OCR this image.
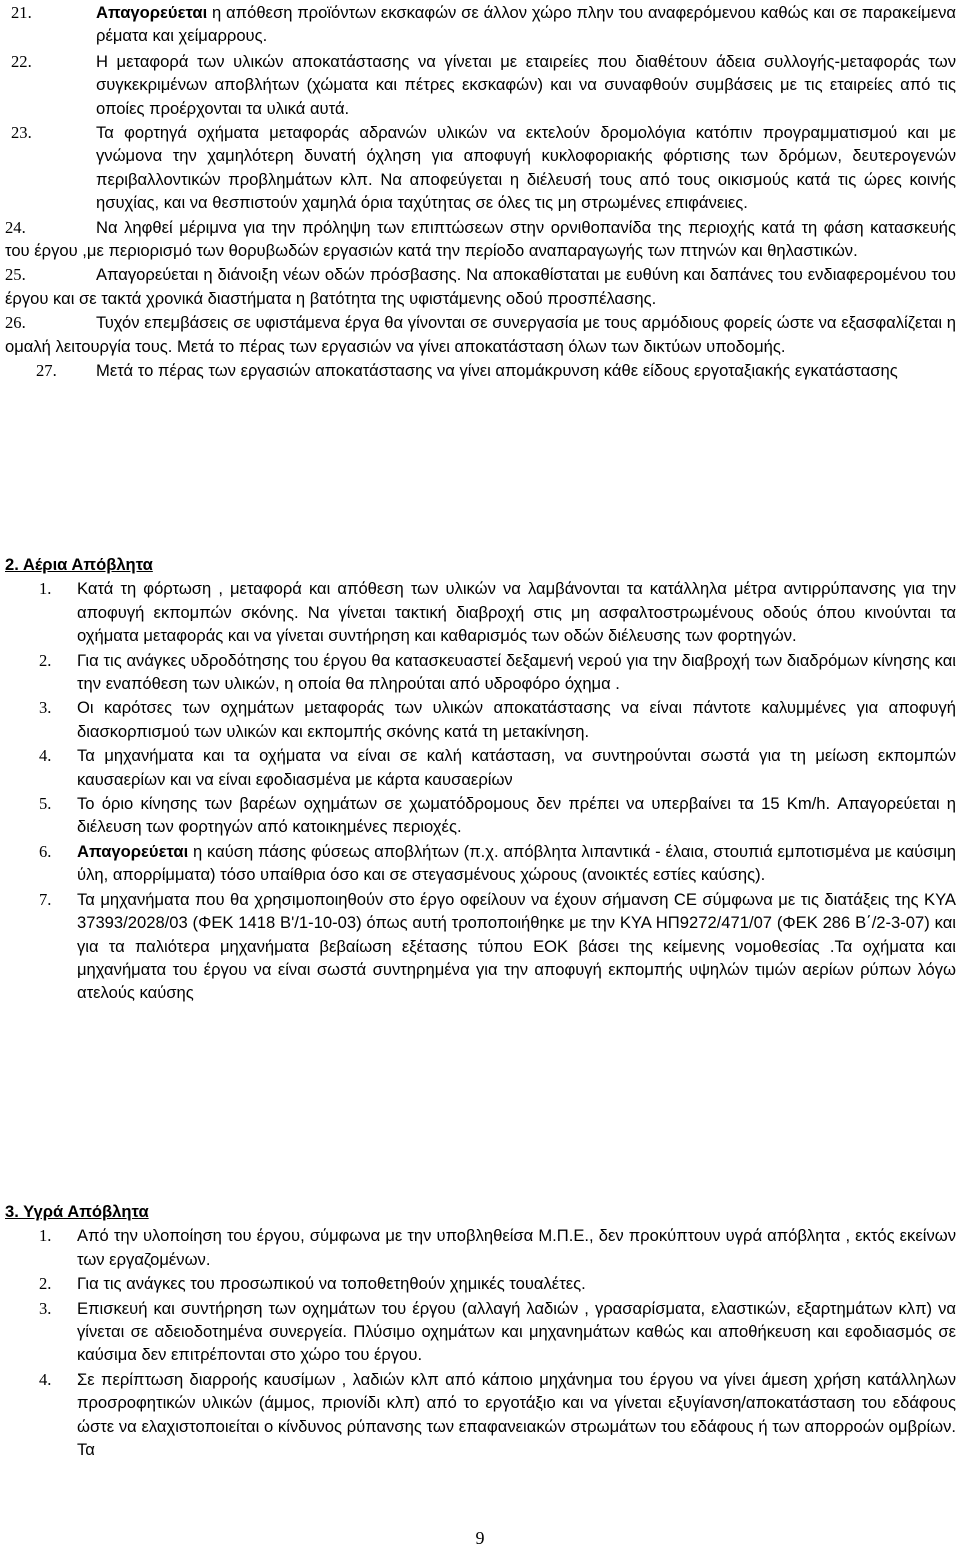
21.	Απαγορεύεται η απόθεση προϊόντων εκσκαφών σε άλλον χώρο πλην του αναφερόμενου καθώς και σε παρακείμενα ρέματα και χείμαρρους.
22.	Η μεταφορά των υλικών αποκατάστασης να γίνεται με εταιρείες που διαθέτουν άδεια συλλογής-μεταφοράς των συγκεκριμένων αποβλήτων (χώματα και πέτρες εκσκαφών) και να συναφθούν συμβάσεις με τις εταιρείες από τις οποίες προέρχονται τα υλικά αυτά.
23.	Τα φορτηγά οχήματα μεταφοράς αδρανών υλικών να εκτελούν δρομολόγια κατόπιν προγραμματισμού και με γνώμονα την χαμηλότερη δυνατή όχληση για αποφυγή κυκλοφοριακής φόρτισης των δρόμων, δευτερογενών περιβαλλοντικών προβλημάτων κλπ. Να αποφεύγεται η διέλευσή τους από τους οικισμούς κατά τις ώρες κοινής ησυχίας, και να θεσπιστούν χαμηλά όρια ταχύτητας σε όλες τις μη στρωμένες επιφάνειες.
24.	Να ληφθεί μέριμνα για την πρόληψη των επιπτώσεων στην ορνιθοπανίδα της περιοχής κατά τη φάση κατασκευής του έργου ,με περιορισμό των θορυβωδών εργασιών κατά την περίοδο αναπαραγωγής των πτηνών και θηλαστικών.
25.	Απαγορεύεται η διάνοιξη νέων οδών πρόσβασης. Να αποκαθίσταται με ευθύνη και δαπάνες του ενδιαφερομένου του έργου και σε τακτά χρονικά διαστήματα η βατότητα της υφιστάμενης οδού προσπέλασης.
26.	Τυχόν επεμβάσεις σε υφιστάμενα έργα θα γίνονται σε συνεργασία με τους αρμόδιους φορείς ώστε να εξασφαλίζεται η ομαλή λειτουργία τους. Μετά το πέρας των εργασιών να γίνει αποκατάσταση όλων των δικτύων υποδομής.
27. Μετά το πέρας των εργασιών αποκατάστασης να γίνει απομάκρυνση κάθε είδους εργοταξιακής εγκατάστασης
2. Αέρια Απόβλητα
1. Κατά τη φόρτωση , μεταφορά και απόθεση των υλικών να λαμβάνονται τα κατάλληλα μέτρα αντιρρύπανσης για την αποφυγή εκπομπών σκόνης. Να γίνεται τακτική διαβροχή στις μη ασφαλτοστρωμένους οδούς όπου κινούνται τα οχήματα μεταφοράς και να γίνεται συντήρηση και καθαρισμός των οδών διέλευσης των φορτηγών.
2. Για τις ανάγκες υδροδότησης του έργου θα κατασκευαστεί δεξαμενή νερού για την διαβροχή των διαδρόμων κίνησης και την εναπόθεση των υλικών, η οποία θα πληρούται από υδροφόρο όχημα .
3. Οι καρότσες των οχημάτων μεταφοράς των υλικών αποκατάστασης να είναι πάντοτε καλυμμένες για αποφυγή διασκορπισμού των υλικών και εκπομπής σκόνης κατά τη μετακίνηση.
4. Τα μηχανήματα και τα οχήματα να είναι σε καλή κατάσταση, να συντηρούνται σωστά για τη μείωση εκπομπών καυσαερίων και να είναι εφοδιασμένα με κάρτα καυσαερίων
5. Το όριο κίνησης των βαρέων οχημάτων σε χωματόδρομους δεν πρέπει να υπερβαίνει τα 15 Km/h. Απαγορεύεται η διέλευση των φορτηγών από κατοικημένες περιοχές.
6. Απαγορεύεται η καύση πάσης φύσεως αποβλήτων (π.χ. απόβλητα λιπαντικά - έλαια, στουπιά εμποτισμένα με καύσιμη ύλη, απορρίμματα) τόσο υπαίθρια όσο και σε στεγασμένους χώρους (ανοικτές εστίες καύσης).
7. Τα μηχανήματα που θα χρησιμοποιηθούν στο έργο οφείλουν να έχουν σήμανση CE σύμφωνα με τις διατάξεις της ΚΥΑ 37393/2028/03 (ΦΕΚ 1418 Β'/1-10-03) όπως αυτή τροποποιήθηκε με την ΚΥΑ ΗΠ9272/471/07 (ΦΕΚ 286 Β΄/2-3-07) και για τα παλιότερα μηχανήματα βεβαίωση εξέτασης τύπου ΕΟΚ βάσει της κείμενης νομοθεσίας .Τα οχήματα και μηχανήματα του έργου να είναι σωστά συντηρημένα για την αποφυγή εκπομπής υψηλών τιμών αερίων ρύπων λόγω ατελούς καύσης
3. Υγρά Απόβλητα
1. Από την υλοποίηση του έργου, σύμφωνα με την υποβληθείσα Μ.Π.Ε., δεν προκύπτουν υγρά απόβλητα , εκτός εκείνων των εργαζομένων.
2. Για τις ανάγκες του προσωπικού να τοποθετηθούν χημικές τουαλέτες.
3. Επισκευή και συντήρηση των οχημάτων του έργου (αλλαγή λαδιών , γρασαρίσματα, ελαστικών, εξαρτημάτων κλπ) να γίνεται σε αδειοδοτημένα συνεργεία. Πλύσιμο οχημάτων και μηχανημάτων καθώς και αποθήκευση και εφοδιασμός σε καύσιμα δεν επιτρέπονται στο χώρο του έργου.
4. Σε περίπτωση διαρροής καυσίμων , λαδιών κλπ από κάποιο μηχάνημα του έργου να γίνει άμεση χρήση κατάλληλων προσροφητικών υλικών (άμμος, πριονίδι κλπ) από το εργοτάξιο και να γίνεται εξυγίανση/αποκατάσταση του εδάφους ώστε να ελαχιστοποιείται ο κίνδυνος ρύπανσης των επαφανειακών στρωμάτων του εδάφους ή των απορροών ομβρίων. Τα
9
